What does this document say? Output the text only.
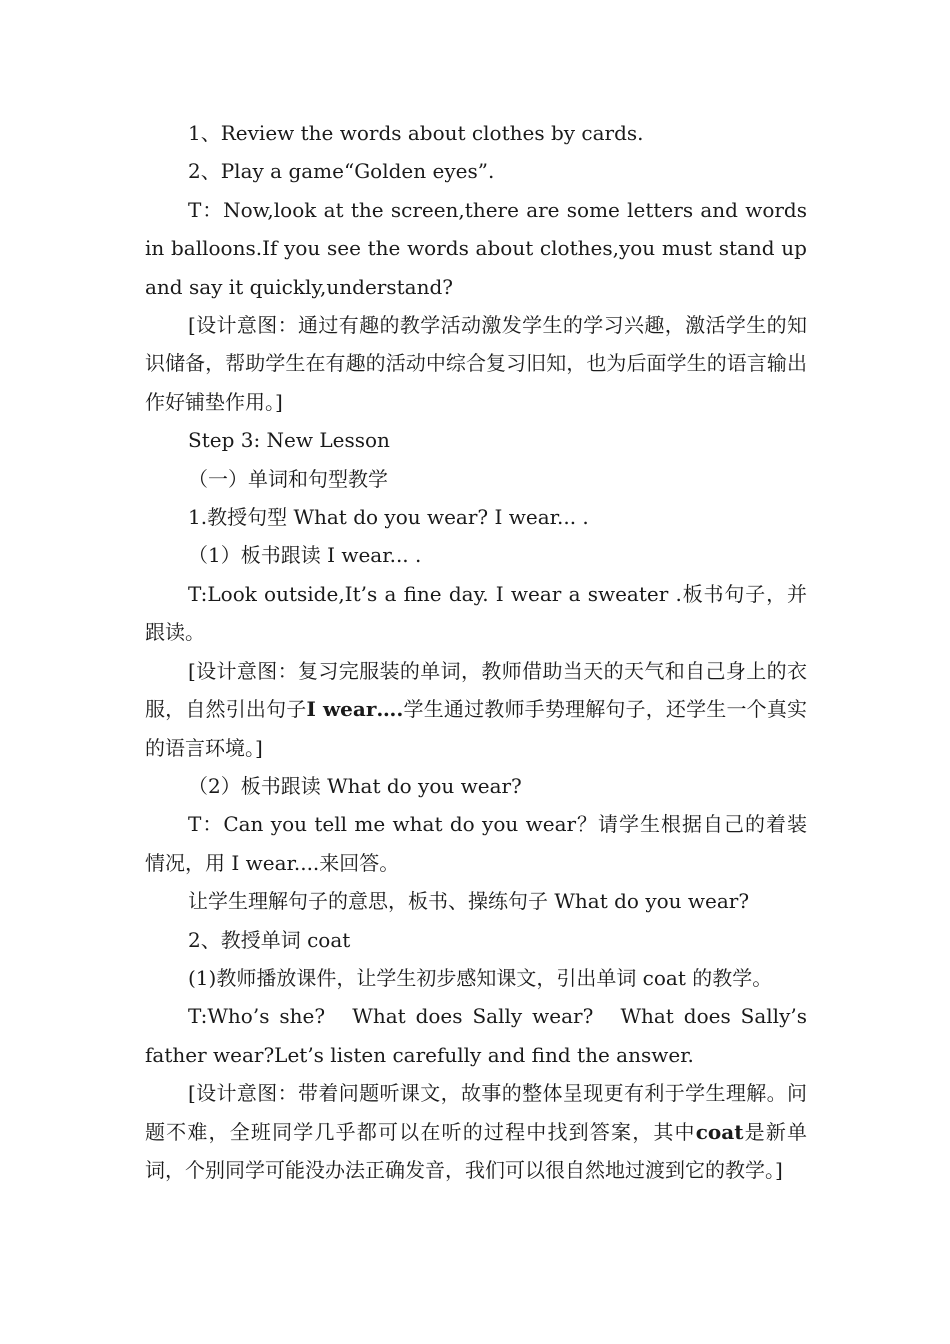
1、Review the words about clothes by cards.

2、Play a game“Golden eyes”.

T：Now,look at the screen,there are some letters and words in balloons.If you see the words about clothes,you must stand up and say it quickly,understand?

[设计意图：通过有趣的教学活动激发学生的学习兴趣，激活学生的知识储备，帮助学生在有趣的活动中综合复习旧知，也为后面学生的语言输出作好铺垫作用。]

Step 3: New Lesson

（一）单词和句型教学

1.教授句型 What do you wear? I wear... .

（1）板书跟读 I wear... .

T:Look outside,It’s a fine day. I wear a sweater .板书句子，并跟读。

[设计意图：复习完服装的单词，教师借助当天的天气和自己身上的衣服，自然引出句子I wear….学生通过教师手势理解句子，还学生一个真实的语言环境。]

（2）板书跟读 What do you wear?

T：Can you tell me what do you wear？请学生根据自己的着装情况，用 I wear....来回答。

让学生理解句子的意思，板书、操练句子 What do you wear?

2、教授单词 coat

(1)教师播放课件，让学生初步感知课文，引出单词 coat 的教学。

T:Who’s she?　What does Sally wear?　What does Sally’s father wear?Let’s listen carefully and find the answer.

[设计意图：带着问题听课文，故事的整体呈现更有利于学生理解。问题不难，全班同学几乎都可以在听的过程中找到答案，其中coat是新单词，个别同学可能没办法正确发音，我们可以很自然地过渡到它的教学。]
